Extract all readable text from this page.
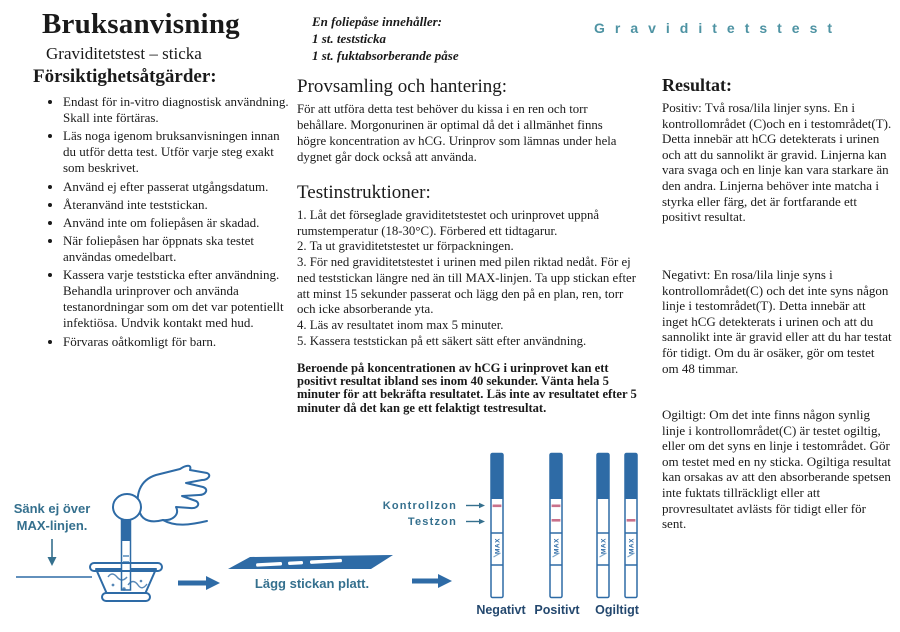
Bruksanvisning
Graviditetstest – sticka
Försiktighetsåtgärder:
• Endast för in-vitro diagnostisk användning. Skall inte förtäras.
• Läs noga igenom bruksanvisningen innan du utför detta test. Utför varje steg exakt som beskrivet.
• Använd ej efter passerat utgångsdatum.
• Återanvänd inte teststickan.
• Använd inte om foliepåsen är skadad.
• När foliepåsen har öppnats ska testet användas omedelbart.
• Kassera varje teststicka efter användning. Behandla urinprover och använda testanordningar som om det var potentiellt infektiösa. Undvik kontakt med hud.
• Förvaras oåtkomligt för barn.
En foliepåse innehåller:
1 st. teststicka
1 st. fuktabsorberande påse
Provsamling och hantering:
För att utföra detta test behöver du kissa i en ren och torr behållare. Morgonurinen är optimal då det i allmänhet finns högre koncentration av hCG. Urinprov som lämnas under hela dygnet går dock också att använda.
Testinstruktioner:
1. Låt det förseglade graviditetstestet och urinprovet uppnå rumstemperatur (18-30°C). Förbered ett tidtagarur.
2. Ta ut graviditetstestet ur förpackningen.
3. För ned graviditetstestet i urinen med pilen riktad nedåt. För ej ned teststickan längre ned än till MAX-linjen. Ta upp stickan efter att minst 15 sekunder passerat och lägg den på en plan, ren, torr och icke absorberande yta.
4. Läs av resultatet inom max 5 minuter.
5. Kassera teststickan på ett säkert sätt efter användning.
Beroende på koncentrationen av hCG i urinprovet kan ett positivt resultat ibland ses inom 40 sekunder. Vänta hela 5 minuter för att bekräfta resultatet. Läs inte av resultatet efter 5 minuter då det kan ge ett felaktigt testresultat.
Graviditetstest
Resultat:
Positiv: Två rosa/lila linjer syns. En i kontrollområdet (C)och en i testområdet(T). Detta innebär att hCG detekterats i urinen och att du sannolikt är gravid. Linjerna kan vara svaga och en linje kan vara starkare än den andra. Linjerna behöver inte matcha i styrka eller färg, det är fortfarande ett positivt resultat.
Negativt: En rosa/lila linje syns i kontrollområdet(C) och det inte syns någon linje i testområdet(T). Detta innebär att inget hCG detekterats i urinen och att du sannolikt inte är gravid eller att du har testat för tidigt. Om du är osäker, gör om testet om 48 timmar.
Ogiltigt: Om det inte finns någon synlig linje i kontrollområdet(C) är testet ogiltig, eller om det syns en linje i testområdet. Gör om testet med en ny sticka. Ogiltiga resultat kan orsakas av att den absorberande spetsen inte fuktats tillräckligt eller att provresultatet avlästs för tidigt eller för sent.
Sänk ej över
MAX-linjen.
Lägg stickan platt.
Kontrollzon
Testzon
MAX	MAX	MAX	MAX
Negativt Positivt Ogiltigt
